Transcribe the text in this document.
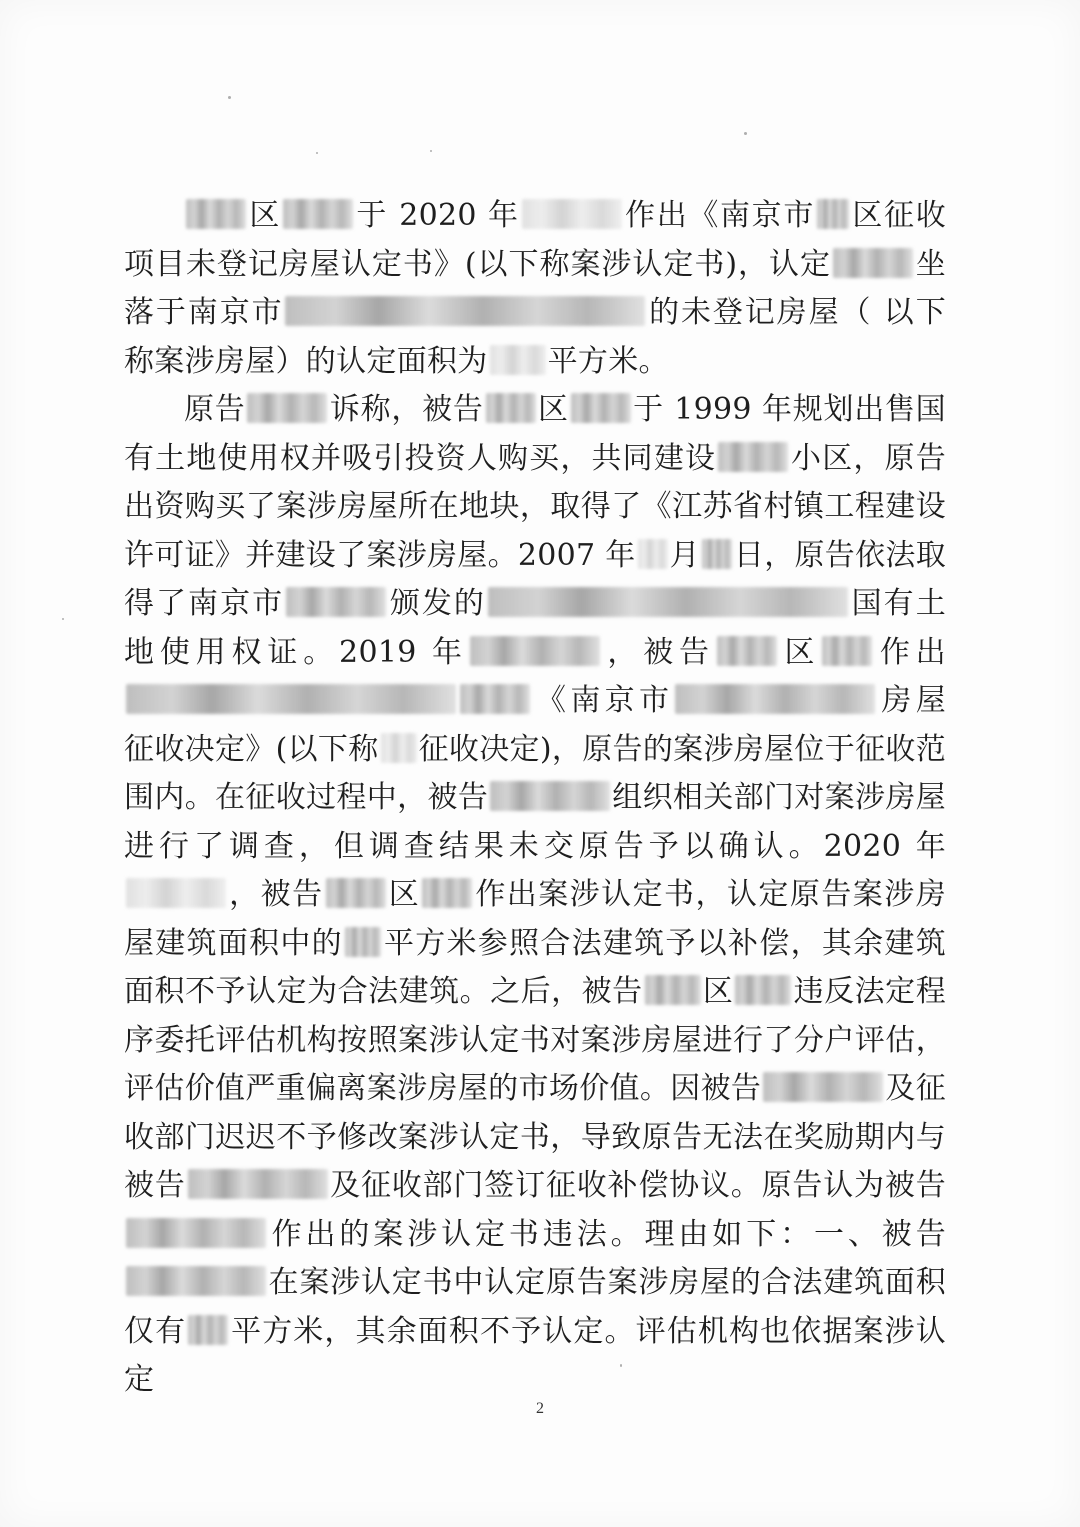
区 于 2020 年	作出《南京市 区征收项目未登记房屋认定书》(以下称案涉认定书)，认定	坐落于南京市	的未登记房屋（ 以下称案涉房屋）的认定面积为 平方米。

原告	诉称，被告 区 于 1999 年规划出售国有土地使用权并吸引投资人购买，共同建设 小区，原告出资购买了案涉房屋所在地块，取得了《江苏省村镇工程建设许可证》并建设了案涉房屋。2007 年 月 日，原告依法取得了南京市	颁发的	国有土地使用权证。2019 年	，被告 区 作出《南京市	房屋征收决定》(以下称 征收决定)，原告的案涉房屋位于征收范围内。在征收过程中，被告	组织相关部门对案涉房屋进行了调查，但调查结果未交原告予以确认。2020 年，被告 区 作出案涉认定书，认定原告案涉房屋建筑面积中的 平方米参照合法建筑予以补偿，其余建筑面积不予认定为合法建筑。之后，被告 区 违反法定程序委托评估机构按照案涉认定书对案涉房屋进行了分户评估，评估价值严重偏离案涉房屋的市场价值。因被告	及征收部门迟迟不予修改案涉认定书，导致原告无法在奖励期内与被告	及征收部门签订征收补偿协议。原告认为被告作出的案涉认定书违法。理由如下：一、被告在案涉认定书中认定原告案涉房屋的合法建筑面积仅有 平方米，其余面积不予认定。评估机构也依据案涉认定

2
